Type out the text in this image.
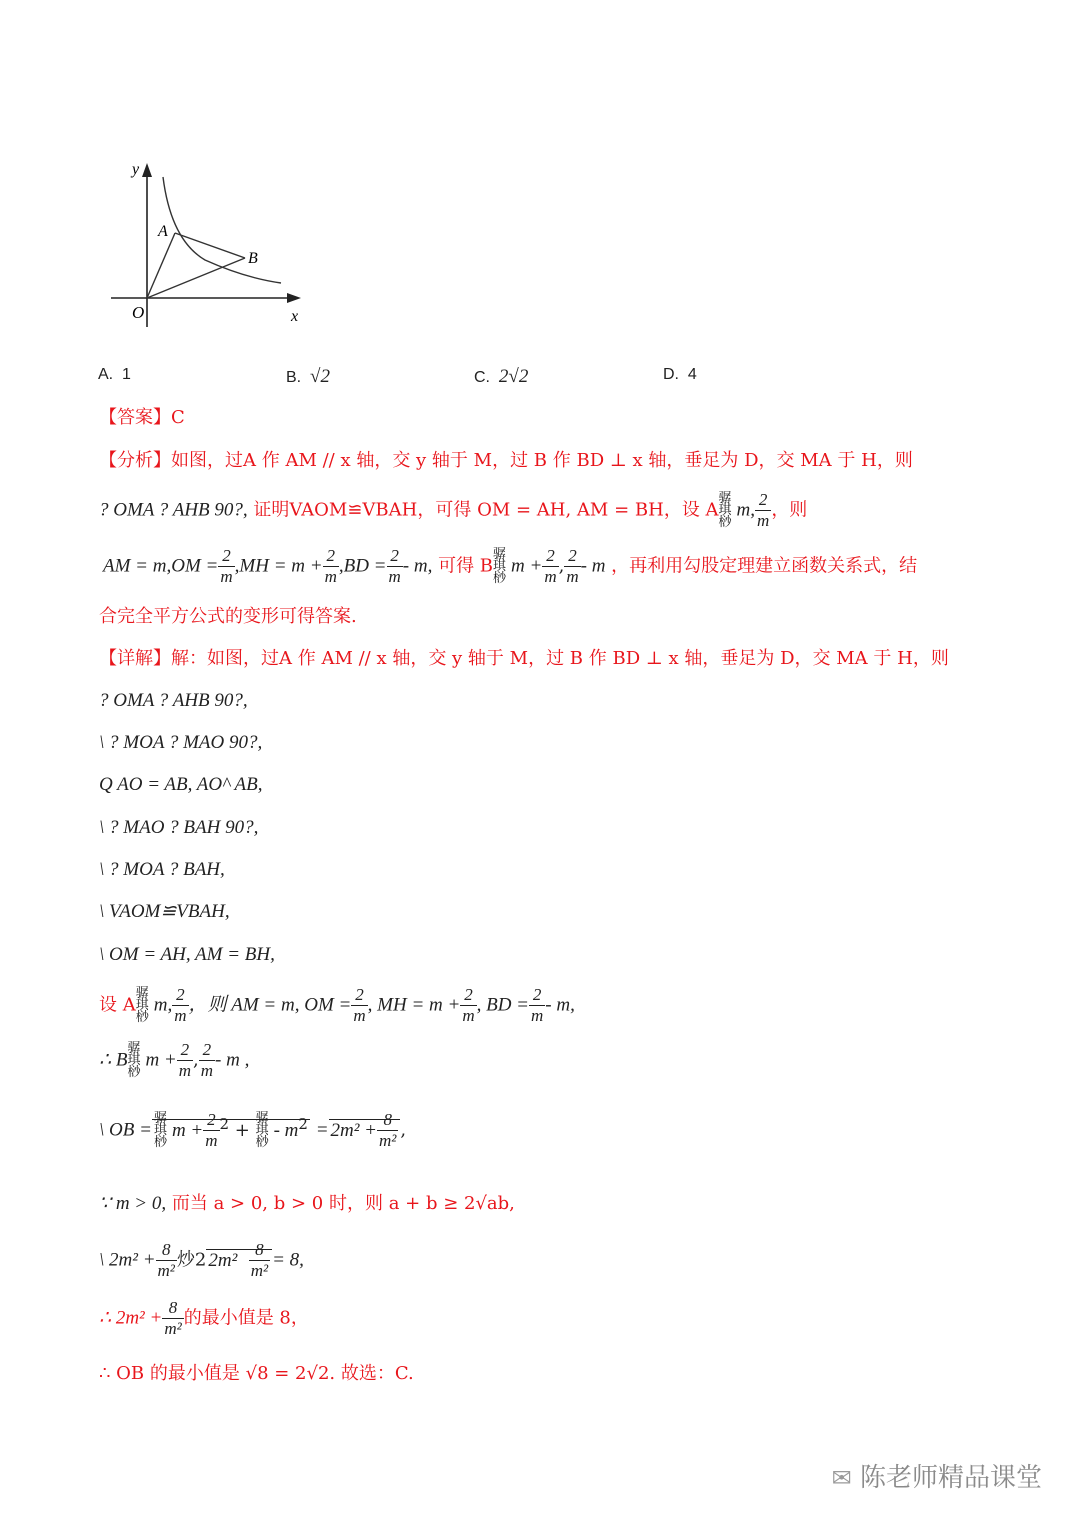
y
x
O
A
B
A. 1	B. √2	C. 2√2	D. 4
【答案】C
【分析】如图，过A 作 AM // x 轴，交 y 轴于 M，过 B 作 BD ⊥ x 轴，垂足为 D，交 MA 于 H，则
? OMA ? AHB 90?, 证明VAOM≌VBAH，可得 OM = AH, AM = BH，设 A骣
琪
桫m, $\frac{2}{m}$ ，则
AM = $m,OM = \frac{2}{m} ,MH = m + \frac{2}{m} ,BD = \frac{2}{m} - m$, 可得 B骣
琪
桫$m + \frac{2}{m}$ , $\frac{2}{m}$ - m ，再利用勾股定理建立函数关系式，结
合完全平方公式的变形可得答案.
【详解】解：如图，过A 作 AM // x 轴，交 y 轴于 M，过 B 作 BD ⊥ x 轴，垂足为 D，交 MA 于 H，则
? OMA ? AHB 90?,
\ ? MOA ? MAO 90?,
Q AO = AB, AO^ AB,
\ ? MAO ? BAH 90?,
\ ? MOA ? BAH,
\ VAOM≌VBAH,
\ OM = AH, AM = BH,
设 A骣
琪
桫m, $\frac{2}{m}$ ，则 AM = m, OM = $\frac{2}{m}$ , MH = $m + \frac{2}{m}$ , BD = $\frac{2}{m}$ - m,
∴ B骣
琪
桫$m + \frac{2}{m}$ , $\frac{2}{m}$ - m ,
\ OB =骣
琪
桫$m + \frac{2}{m} ^2$ + 骣
琪
桫- $m^2 = 2m^2 + \frac{8}{\text{m²}}$ ,
∵ m > 0, 而当 a > 0, b > 0 时，则 a + b ≥ 2√ab,
\ $2m^2 + \frac{8}{\text{m²}}$ 炒2 $2m^2 \frac{8}{\text{m²}} = 8$,
∴ $2m^2 + \frac{8}{\text{m²}}$ 的最小值是 8，
∴ OB 的最小值是 √8 = 2√2. 故选：C.
✉ 陈老师精品课堂
